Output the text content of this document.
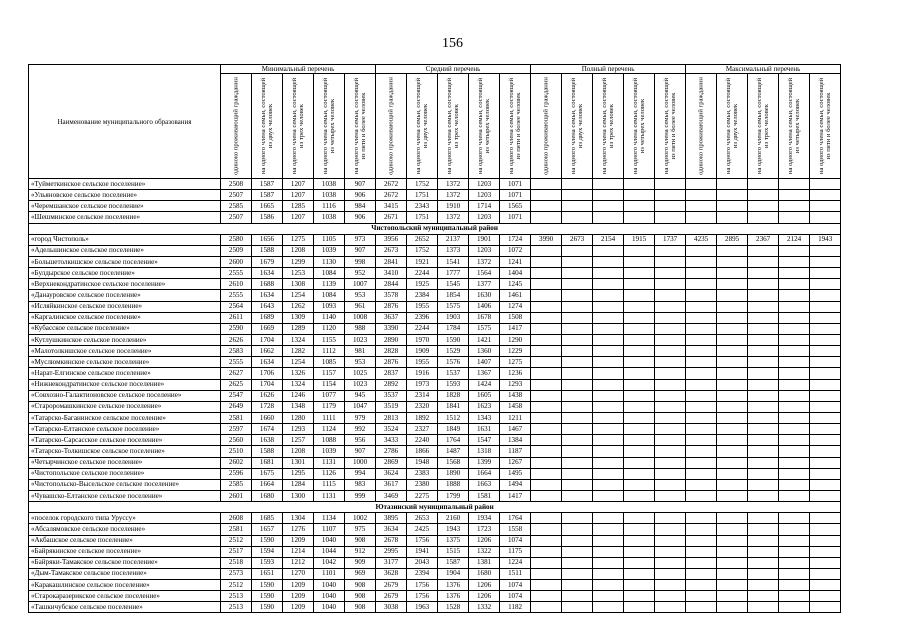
156
Наименование муниципального образования	Минимальный перечень					Средний перечень					Полный перечень					Максимальный перечень				

	одиноко проживающий гражданин	на одного члена семьи, состоящей из двух человек	на одного члена семьи, состоящей из трех человек	на одного члена семьи, состоящей из четырех человек	на одного члена семьи, состоящей из пяти и более человек	одиноко проживающий гражданин	на одного члена семьи, состоящей из двух человек	на одного члена семьи, состоящей из трех человек	на одного члена семьи, состоящей из четырех человек	на одного члена семьи, состоящей из пяти и более человек	одиноко проживающий гражданин	на одного члена семьи, состоящей из двух человек	на одного члена семьи, состоящей из трех человек	на одного члена семьи, состоящей из четырех человек	на одного члена семьи, состоящей из пяти и более человек	одиноко проживающий гражданин	на одного члена семьи, состоящей из двух человек	на одного члена семьи, состоящей из трех человек	на одного члена семьи, состоящей из четырех человек	на одного члена семьи, состоящей из пяти и более человек

«Туйметкинское сельское поселение»	2508	1587	1207	1038	907	2672	1752	1372	1203	1071										
«Ульяновское сельское поселение»	2507	1587	1207	1038	906	2672	1751	1372	1203	1071										
«Черемшанское сельское поселение»	2585	1665	1285	1116	984	3415	2343	1910	1714	1565										
«Шешминское сельское поселение»	2507	1586	1207	1038	906	2671	1751	1372	1203	1071										
Чистопольский муниципальный район																				
«город Чистополь»	2580	1656	1275	1105	973	3956	2652	2137	1901	1724	3990	2673	2154	1915	1737	4235	2895	2367	2124	1943
«Адельшинское сельское поселение»	2509	1588	1208	1039	907	2673	1752	1373	1203	1072										
«Большетолкишское сельское поселение»	2600	1679	1299	1130	998	2841	1921	1541	1372	1241										
«Булдырское сельское поселение»	2555	1634	1253	1084	952	3410	2244	1777	1564	1404										
«Верхнекондратинское сельское поселение»	2610	1688	1308	1139	1007	2844	1925	1545	1377	1245										
«Данауровское сельское поселение»	2555	1634	1254	1084	953	3578	2384	1854	1630	1461										
«Исляйкинское сельское поселение»	2564	1643	1262	1093	961	2876	1955	1575	1406	1274										
«Каргалинское сельское поселение»	2611	1689	1309	1140	1008	3637	2396	1903	1678	1508										
«Кубасское сельское поселение»	2590	1669	1289	1120	988	3390	2244	1784	1575	1417										
«Кутлушкинское сельское поселение»	2626	1704	1324	1155	1023	2890	1970	1590	1421	1290										
«Малотолкишское сельское поселение»	2583	1662	1282	1112	981	2828	1909	1529	1360	1229										
«Муслюмкинское сельское поселение»	2555	1634	1254	1085	953	2876	1955	1576	1407	1275										
«Нарат-Елгинское сельское поселение»	2627	1706	1326	1157	1025	2837	1916	1537	1367	1236										
«Нижнекондратинское сельское поселение»	2625	1704	1324	1154	1023	2892	1973	1593	1424	1293										
«Совхозно-Галактионовское сельское поселение»	2547	1626	1246	1077	945	3537	2314	1828	1605	1438										
«Староромашкинское сельское поселение»	2649	1728	1348	1179	1047	3519	2320	1841	1623	1458										
«Татарско-Баганинское сельское поселение»	2581	1660	1280	1111	979	2813	1892	1512	1343	1211										
«Татарско-Елтанское сельское поселение»	2597	1674	1293	1124	992	3524	2327	1849	1631	1467										
«Татарско-Сарсасское сельское поселение»	2560	1638	1257	1088	956	3433	2240	1764	1547	1384										
«Татарско-Толкишское сельское поселение»	2510	1588	1208	1039	907	2786	1866	1487	1318	1187										
«Четырчинское сельское поселение»	2602	1681	1301	1131	1000	2869	1948	1568	1399	1267										
«Чистопольское сельское поселение»	2596	1675	1295	1126	994	3624	2383	1890	1664	1495										
«Чистопольско-Высельское сельское поселение»	2585	1664	1284	1115	983	3617	2380	1888	1663	1494										
«Чувашско-Елтанское сельское поселение»	2601	1680	1300	1131	999	3469	2275	1799	1581	1417										
Ютазинский муниципальный район																				
«поселок городского типа Уруссу»	2608	1685	1304	1134	1002	3895	2653	2160	1934	1764										
«Абсалямовское сельское поселение»	2581	1657	1276	1107	975	3634	2425	1943	1723	1558										
«Акбашское сельское поселение»	2512	1590	1209	1040	908	2678	1756	1375	1206	1074										
«Байрякинское сельское поселение»	2517	1594	1214	1044	912	2995	1941	1515	1322	1175										
«Байряки-Тамакское сельское поселение»	2518	1593	1212	1042	909	3177	2043	1587	1381	1224										
«Дым-Тамакское сельское поселение»	2573	1651	1270	1101	969	3628	2394	1904	1680	1511										
«Каракашлинское сельское поселение»	2512	1590	1209	1040	908	2679	1756	1376	1206	1074										
«Старокаразерикское сельское поселение»	2513	1590	1209	1040	908	2679	1756	1376	1206	1074										
«Ташкичубское сельское поселение»	2513	1590	1209	1040	908	3038	1963	1528	1332	1182										
